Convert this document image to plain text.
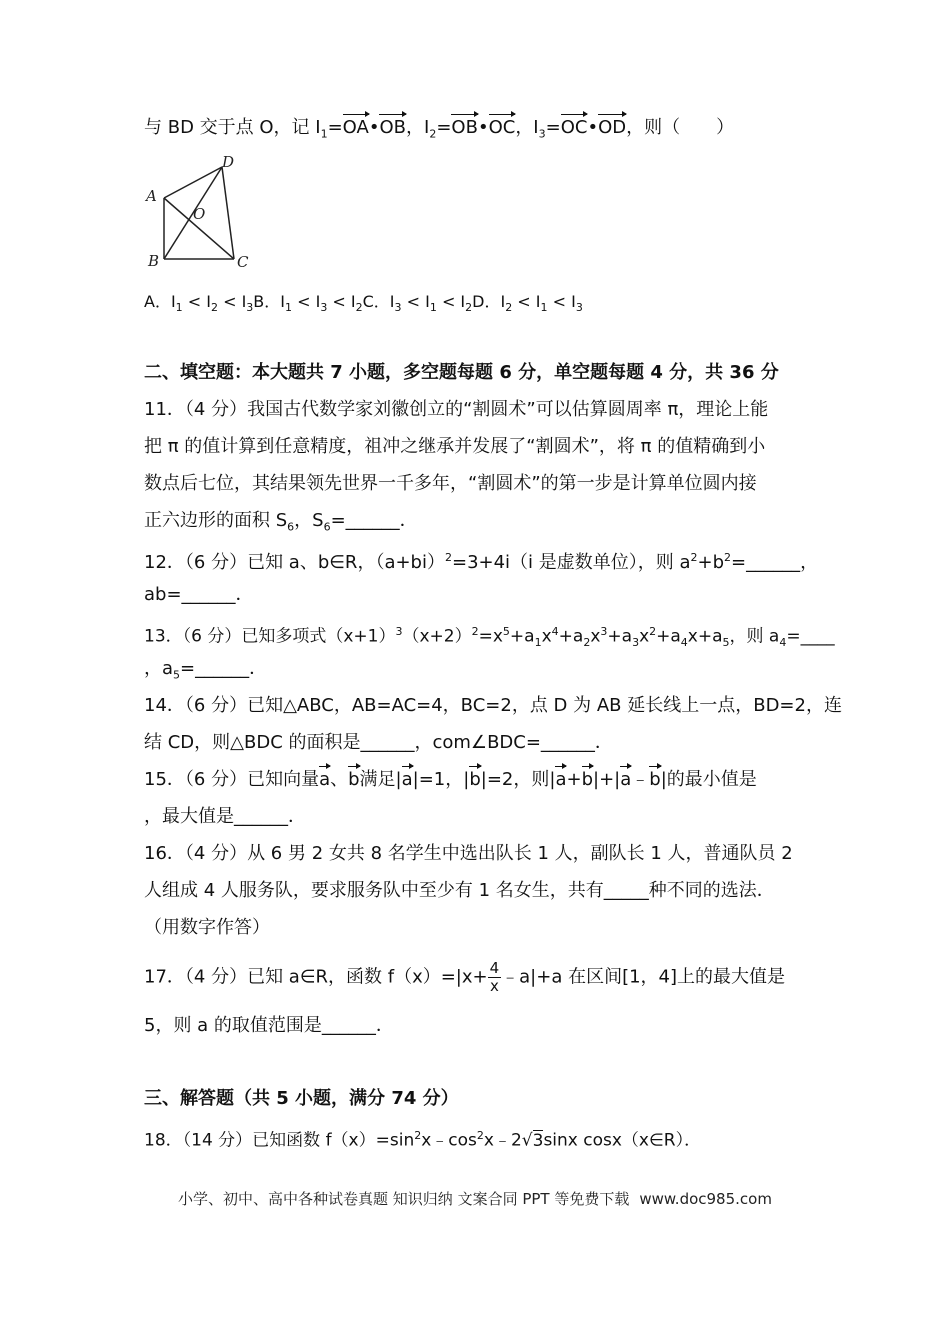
与 BD 交于点 O，记 $I_1=OA•OB$，$I_2=OB•OC$，$I_3=OC•OD$，则（　　）
A
D
O
B	C
A．$I_1 < I_2 < I_3B$．$I_1 < I_3 < I_2C$．$I_3 < I_1 < I_2D$．$I_2 < I_1 < I_3$
二、填空题：本大题共 7 小题，多空题每题 6 分，单空题每题 4 分，共 36 分
11．（4 分）我国古代数学家刘徽创立的“割圆术”可以估算圆周率 π，理论上能
把 π 的值计算到任意精度，祖冲之继承并发展了“割圆术”，将 π 的值精确到小
数点后七位，其结果领先世界一千多年，“割圆术”的第一步是计算单位圆内接
正六边形的面积 $S_6$，$S_6=\_\_\_\_\_\_$．
12．（6 分）已知 a、b∈R，$(a+bi)^2=3+4i(i$ 是虚数单位），则 $a^2+b^2=\_\_\_\_\_\_$，
ab=______．
13．（6 分）已知多项式$(x+1)^3(x+2)^2=x^5+a_1x^4+a_2x^3+a_3x^2+a_4x+a_5$，则 $a_4=\_\_\_\_$
，$a_5=\_\_\_\_\_\_$．
14．（6 分）已知△ABC，AB=AC=4，BC=2，点 D 为 AB 延长线上一点，BD=2，连
结 CD，则△BDC 的面积是______，com∠BDC=______．
15．（6 分）已知向量a、b满足|a|=1，|b|=2，则|a+b|+|a﹣b|的最小值是
，最大值是______．
16．（4 分）从 6 男 2 女共 8 名学生中选出队长 1 人，副队长 1 人，普通队员 2
人组成 4 人服务队，要求服务队中至少有 1 名女生，共有_____种不同的选法．
（用数字作答）
17．（4 分）已知 a∈R，函数 $f(x)=|x+ \frac{4}{x}$ ﹣a|+a 在区间[1，4]上的最大值是
5，则 a 的取值范围是______．
三、解答题（共 5 小题，满分 74 分）
18．（14 分）已知函数 $f(x)=\sin^2x﹣\cos^2x﹣2√3\sin x$ cosx（x∈R）．
小学、初中、高中各种试卷真题 知识归纳 文案合同 PPT 等免费下载 www.doc985.com
